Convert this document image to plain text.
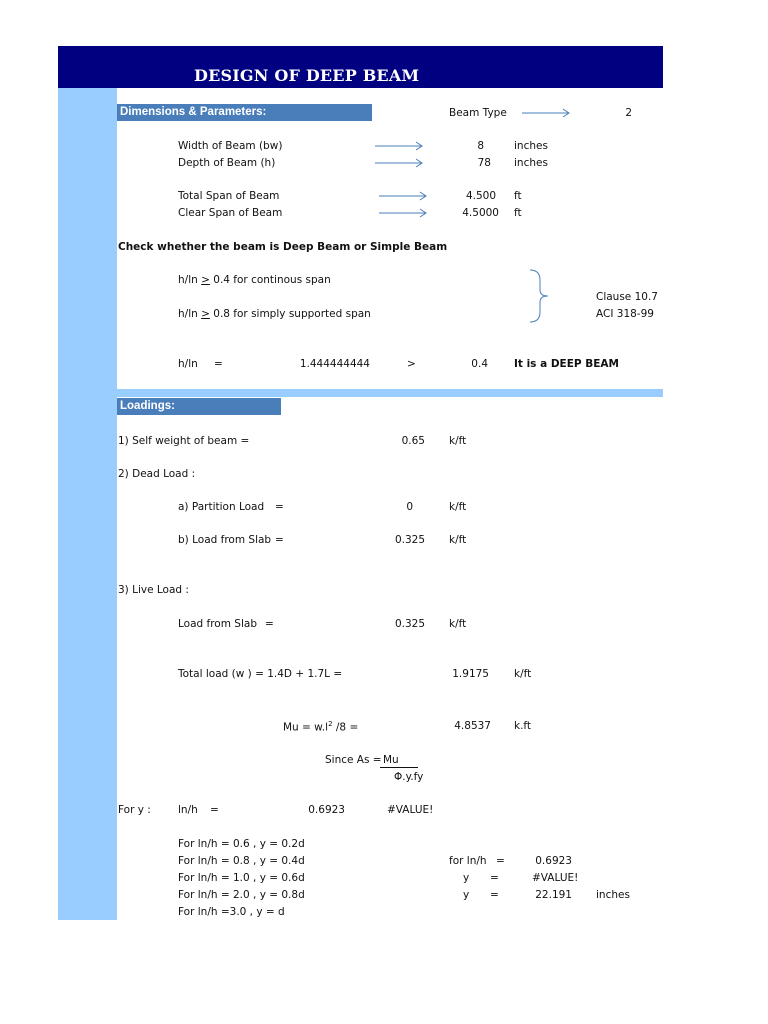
DESIGN OF DEEP BEAM
Dimensions & Parameters:	Beam Type	2
Width of Beam (bw)	8	inches
Depth of Beam (h)	78 inches
Total Span of Beam	4.500 ft
Clear Span of Beam	4.5000 ft
Check whether the beam is Deep Beam or Simple Beam
h/ln > 0.4 for continous span
h/ln > 0.8 for simply supported span
Clause 10.7
ACI 318-99
h/ln =	1.444444444	>	0.4 It is a DEEP BEAM
Loadings:
1) Self weight of beam =	0.65 k/ft
2) Dead Load :
a) Partition Load =	0	k/ft
b) Load from Slab =	0.325 k/ft
3) Live Load :
Load from Slab =	0.325 k/ft
Total load (w ) = 1.4D + 1.7L =	1.9175 k/ft
$Mu = w.l^2$ /8 =	4.8537 k.ft
Since As = Mu
Φ.y.fy
For y :	ln/h =	0.6923	#VALUE!
For ln/h = 0.6 , y = 0.2d
For ln/h = 0.8 , y = 0.4d
For ln/h = 1.0 , y = 0.6d
For ln/h = 2.0 , y = 0.8d
For ln/h =3.0 , y = d
for ln/h =	0.6923
y =	#VALUE!
y =	22.191 inches
